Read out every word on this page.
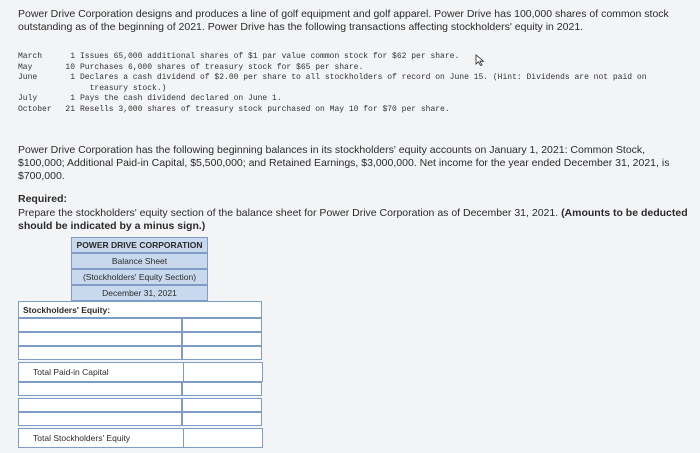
Power Drive Corporation designs and produces a line of golf equipment and golf apparel. Power Drive has 100,000 shares of common stock outstanding as of the beginning of 2021. Power Drive has the following transactions affecting stockholders' equity in 2021.
March	1 Issues 65,000 additional shares of $1 par value common stock for $62 per share.
May	10 Purchases 6,000 shares of treasury stock for $65 per share.
June	1 Declares a cash dividend of $2.00 per share to all stockholders of record on June 15. (Hint: Dividends are not paid on
treasury stock.)
July	1 Pays the cash dividend declared on June 1.
October	21 Resells 3,000 shares of treasury stock purchased on May 10 for $70 per share.
Power Drive Corporation has the following beginning balances in its stockholders' equity accounts on January 1, 2021: Common Stock, $100,000; Additional Paid-in Capital, $5,500,000; and Retained Earnings, $3,000,000. Net income for the year ended December 31, 2021, is $700,000.
Required:
Prepare the stockholders' equity section of the balance sheet for Power Drive Corporation as of December 31, 2021. (Amounts to be deducted should be indicated by a minus sign.)
POWER DRIVE CORPORATION
Balance Sheet
(Stockholders' Equity Section)
December 31, 2021
Stockholders' Equity:
Total Paid-in Capital
Total Stockholders' Equity
